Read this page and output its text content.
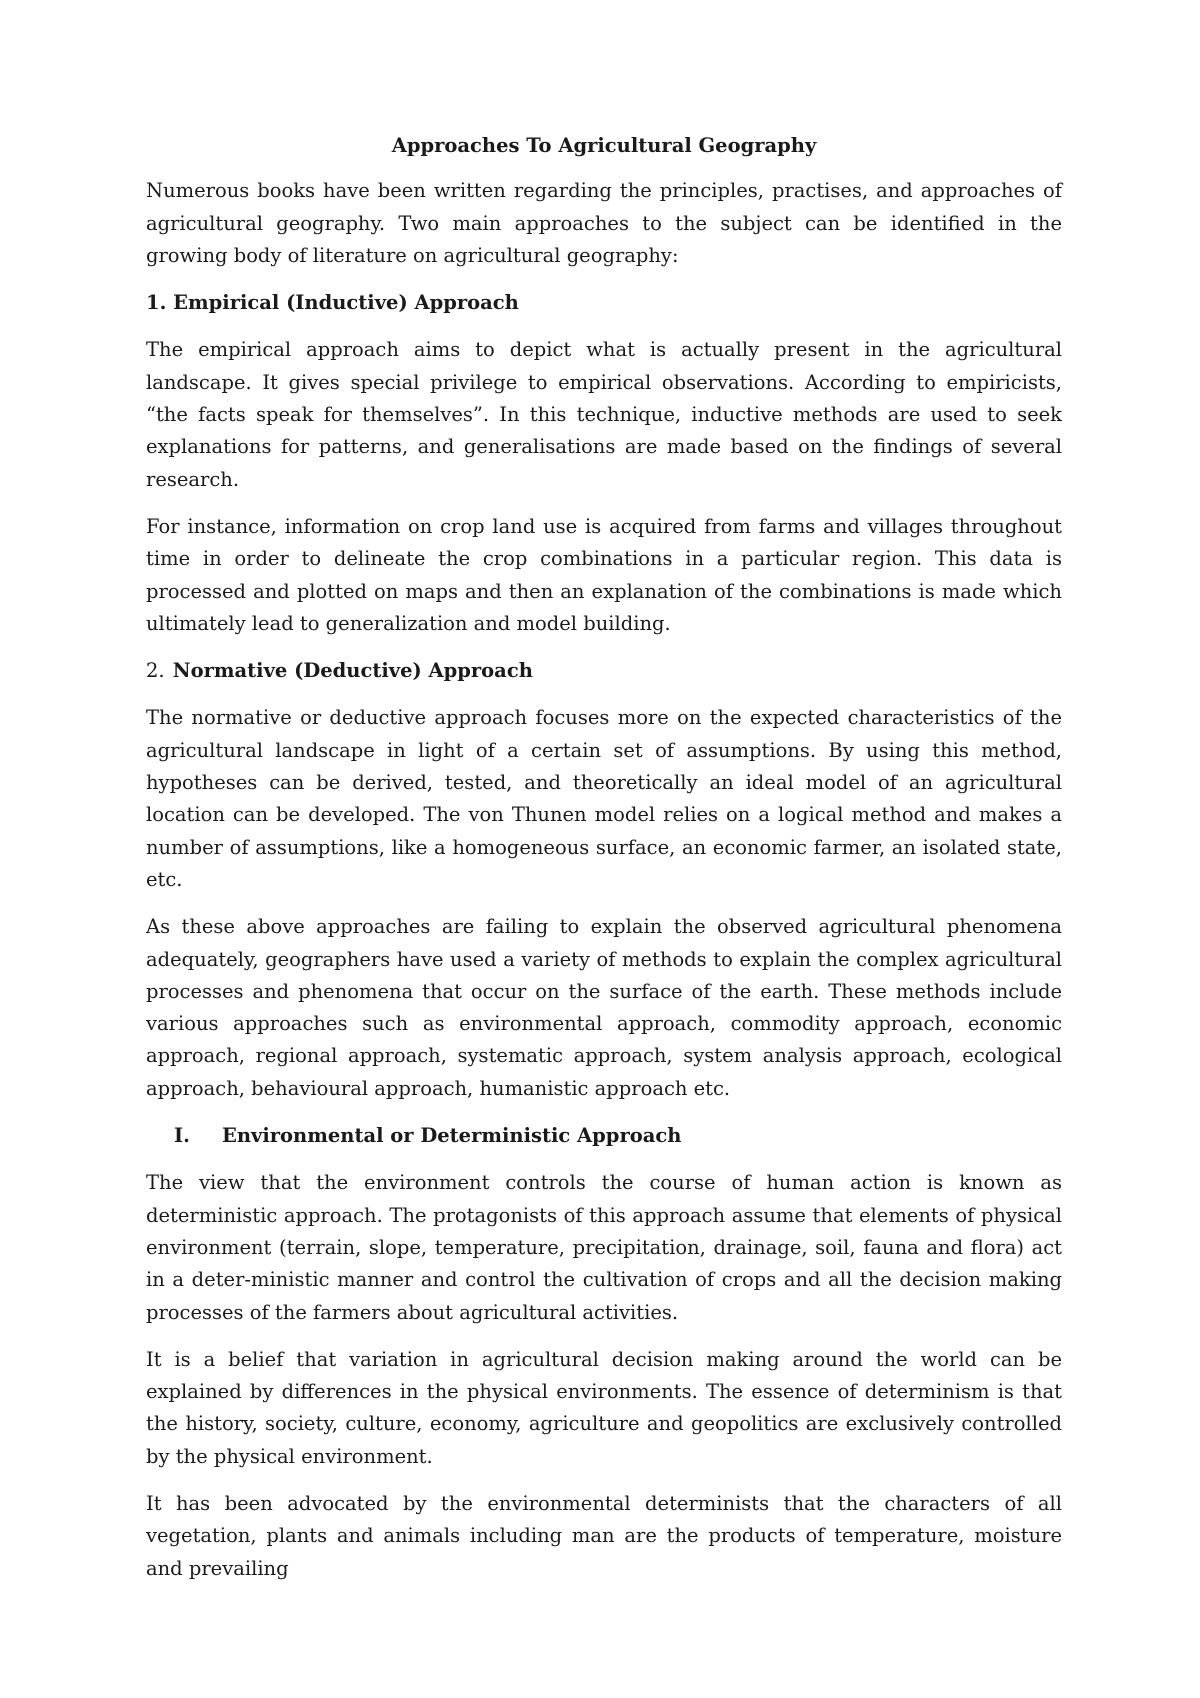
Approaches To Agricultural Geography

Numerous books have been written regarding the principles, practises, and approaches of agricultural geography. Two main approaches to the subject can be identified in the growing body of literature on agricultural geography:

1. Empirical (Inductive) Approach

The empirical approach aims to depict what is actually present in the agricultural landscape. It gives special privilege to empirical observations. According to empiricists, “the facts speak for themselves”. In this technique, inductive methods are used to seek explanations for patterns, and generalisations are made based on the findings of several research.

For instance, information on crop land use is acquired from farms and villages throughout time in order to delineate the crop combinations in a particular region. This data is processed and plotted on maps and then an explanation of the combinations is made which ultimately lead to generalization and model building.

2. Normative (Deductive) Approach

The normative or deductive approach focuses more on the expected characteristics of the agricultural landscape in light of a certain set of assumptions. By using this method, hypotheses can be derived, tested, and theoretically an ideal model of an agricultural location can be developed. The von Thunen model relies on a logical method and makes a number of assumptions, like a homogeneous surface, an economic farmer, an isolated state, etc.

As these above approaches are failing to explain the observed agricultural phenomena adequately, geographers have used a variety of methods to explain the complex agricultural processes and phenomena that occur on the surface of the earth. These methods include various approaches such as environmental approach, commodity approach, economic approach, regional approach, systematic approach, system analysis approach, ecological approach, behavioural approach, humanistic approach etc.

I.	Environmental or Deterministic Approach

The view that the environment controls the course of human action is known as deterministic approach. The protagonists of this approach assume that elements of physical environment (terrain, slope, temperature, precipitation, drainage, soil, fauna and flora) act in a deter-ministic manner and control the cultivation of crops and all the decision making processes of the farmers about agricultural activities.

It is a belief that variation in agricultural decision making around the world can be explained by differences in the physical environments. The essence of determinism is that the history, society, culture, economy, agriculture and geopolitics are exclusively controlled by the physical environment.

It has been advocated by the environmental determinists that the characters of all vegetation, plants and animals including man are the products of temperature, moisture and prevailing
